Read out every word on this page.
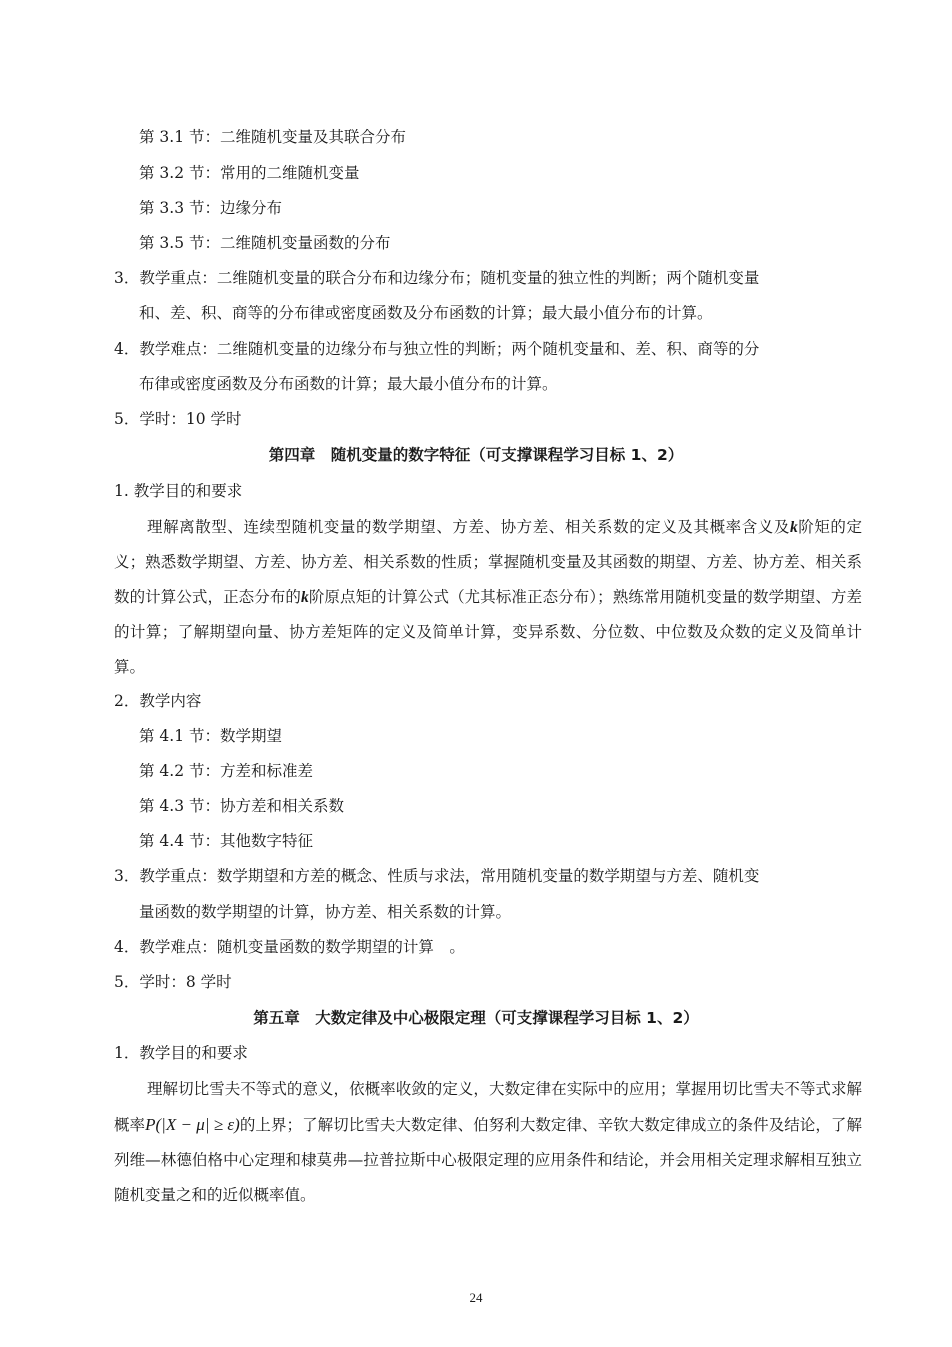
第 3.1 节：二维随机变量及其联合分布
第 3.2 节：常用的二维随机变量
第 3.3 节：边缘分布
第 3.5 节：二维随机变量函数的分布
3．教学重点：二维随机变量的联合分布和边缘分布；随机变量的独立性的判断；两个随机变量
和、差、积、商等的分布律或密度函数及分布函数的计算；最大最小值分布的计算。
4．教学难点：二维随机变量的边缘分布与独立性的判断；两个随机变量和、差、积、商等的分
布律或密度函数及分布函数的计算；最大最小值分布的计算。
5．学时：10 学时
第四章　随机变量的数字特征（可支撑课程学习目标 1、2）
1. 教学目的和要求
理解离散型、连续型随机变量的数学期望、方差、协方差、相关系数的定义及其概率含义及k阶矩的定义；熟悉数学期望、方差、协方差、相关系数的性质；掌握随机变量及其函数的期望、方差、协方差、相关系数的计算公式，正态分布的k阶原点矩的计算公式（尤其标准正态分布）；熟练常用随机变量的数学期望、方差的计算；了解期望向量、协方差矩阵的定义及简单计算，变异系数、分位数、中位数及众数的定义及简单计算。
2．教学内容
第 4.1 节：数学期望
第 4.2 节：方差和标准差
第 4.3 节：协方差和相关系数
第 4.4 节：其他数字特征
3．教学重点：数学期望和方差的概念、性质与求法，常用随机变量的数学期望与方差、随机变
量函数的数学期望的计算，协方差、相关系数的计算。
4．教学难点：随机变量函数的数学期望的计算　。
5．学时：8 学时
第五章　大数定律及中心极限定理（可支撑课程学习目标 1、2）
1．教学目的和要求
理解切比雪夫不等式的意义，依概率收敛的定义，大数定律在实际中的应用；掌握用切比雪夫不等式求解概率P(|X − μ| ≥ ε)的上界；了解切比雪夫大数定律、伯努利大数定律、辛钦大数定律成立的条件及结论，了解列维—林德伯格中心定理和棣莫弗—拉普拉斯中心极限定理的应用条件和结论，并会用相关定理求解相互独立随机变量之和的近似概率值。
24
